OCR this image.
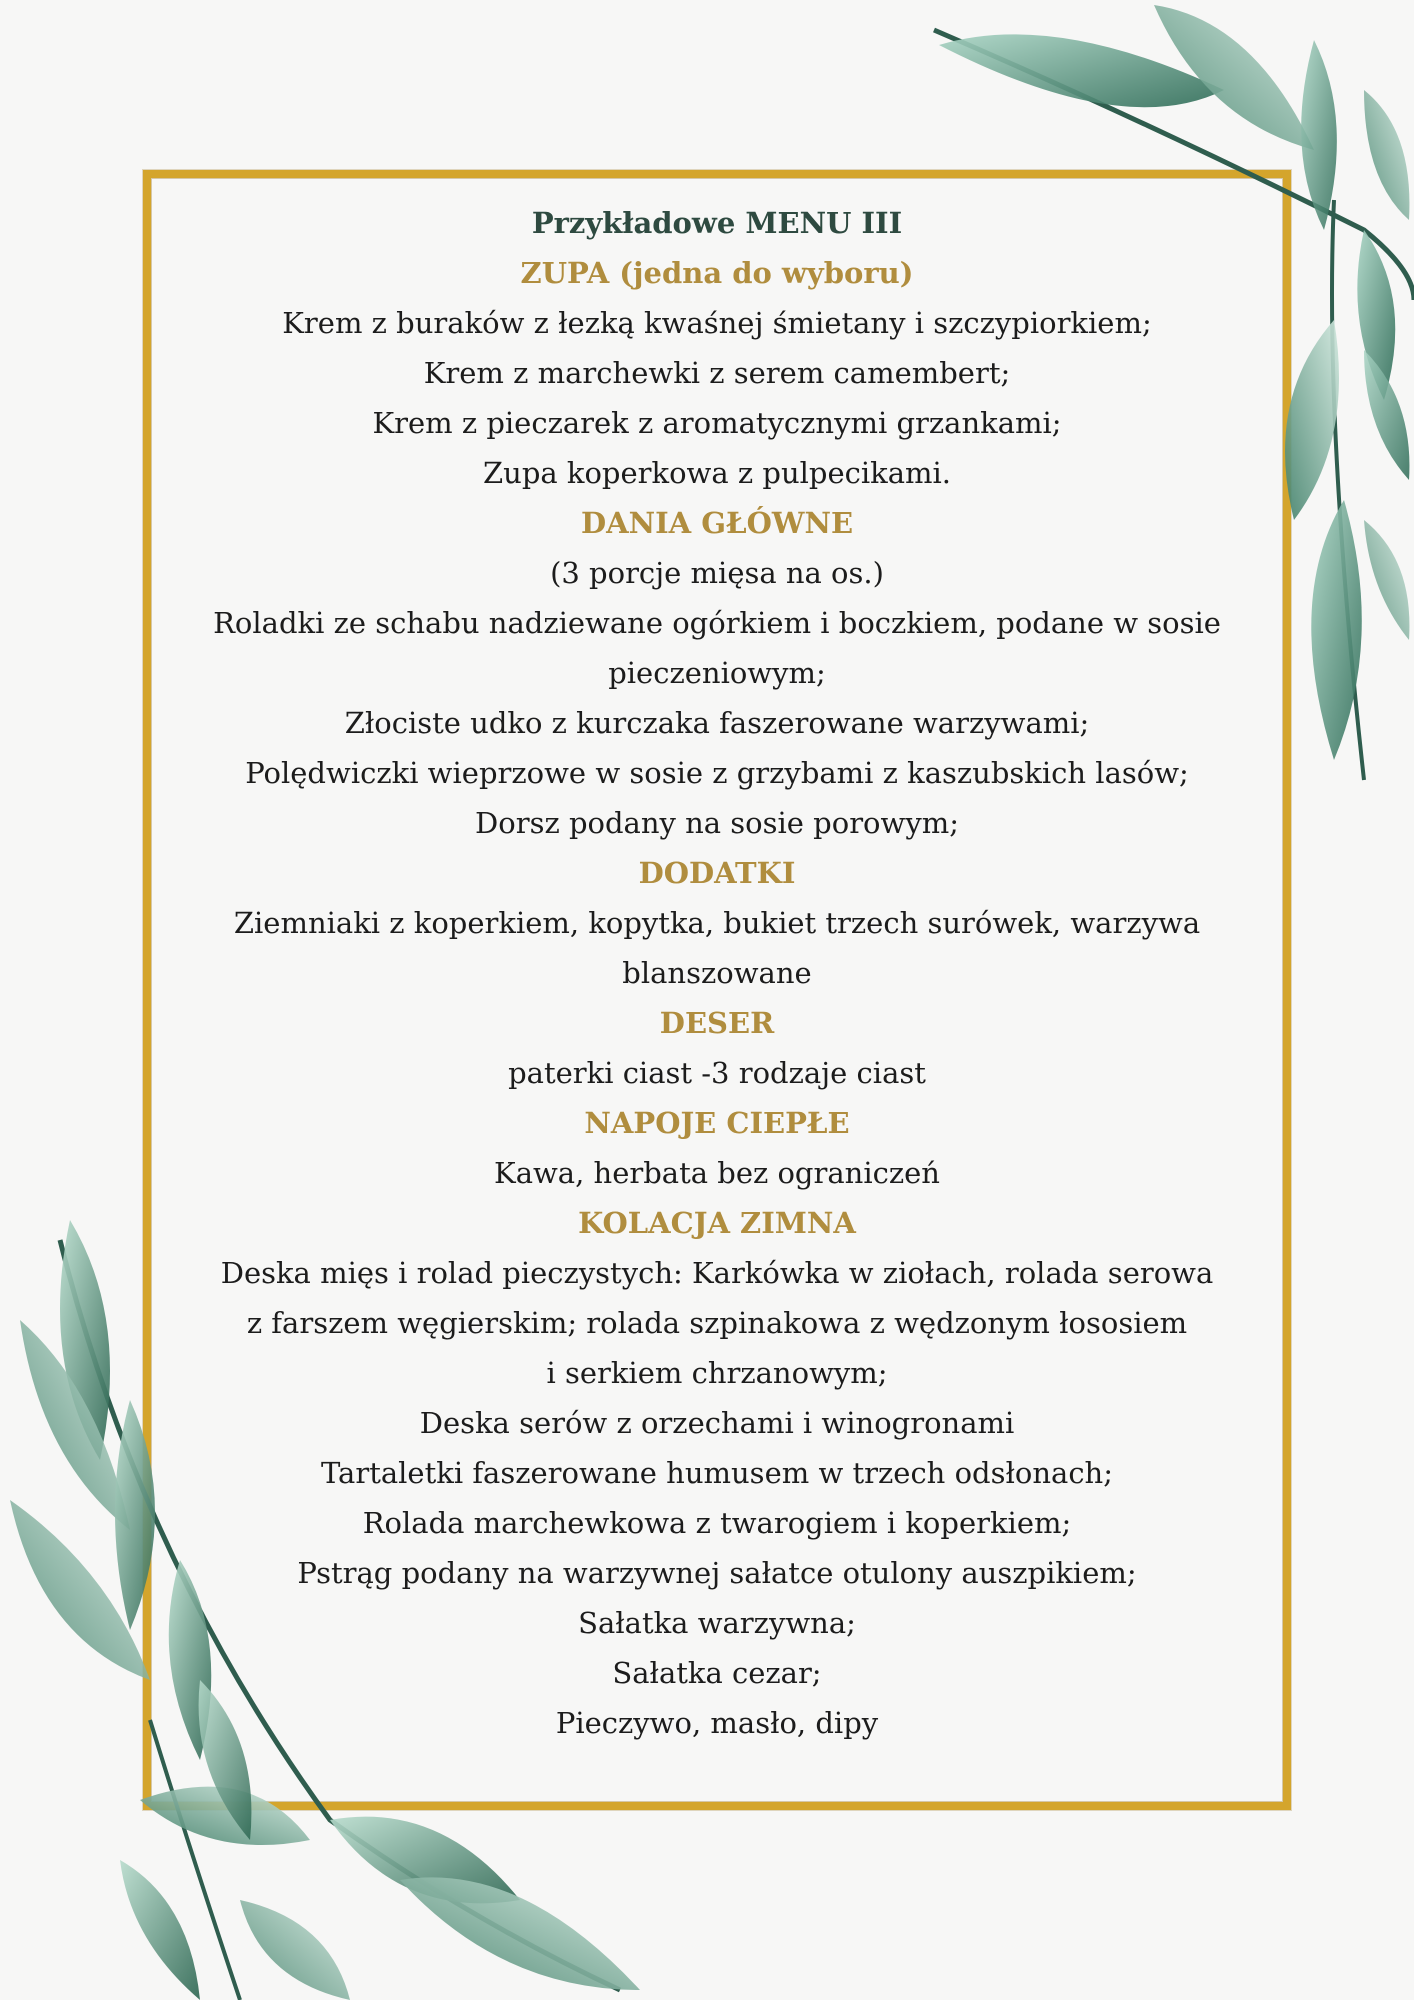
Przykładowe MENU III
ZUPA (jedna do wyboru)
Krem z buraków z łezką kwaśnej śmietany i szczypiorkiem;
Krem z marchewki z serem camembert;
Krem z pieczarek z aromatycznymi grzankami;
Zupa koperkowa z pulpecikami.
DANIA GŁÓWNE
(3 porcje mięsa na os.)
Roladki ze schabu nadziewane ogórkiem i boczkiem, podane w sosie
pieczeniowym;
Złociste udko z kurczaka faszerowane warzywami;
Polędwiczki wieprzowe w sosie z grzybami z kaszubskich lasów;
Dorsz podany na sosie porowym;
DODATKI
Ziemniaki z koperkiem, kopytka, bukiet trzech surówek, warzywa
blanszowane
DESER
paterki ciast -3 rodzaje ciast
NAPOJE CIEPŁE
Kawa, herbata bez ograniczeń
KOLACJA ZIMNA
Deska mięs i rolad pieczystych: Karkówka w ziołach, rolada serowa
z farszem węgierskim; rolada szpinakowa z wędzonym łososiem
i serkiem chrzanowym;
Deska serów z orzechami i winogronami
Tartaletki faszerowane humusem w trzech odsłonach;
Rolada marchewkowa z twarogiem i koperkiem;
Pstrąg podany na warzywnej sałatce otulony auszpikiem;
Sałatka warzywna;
Sałatka cezar;
Pieczywo, masło, dipy
